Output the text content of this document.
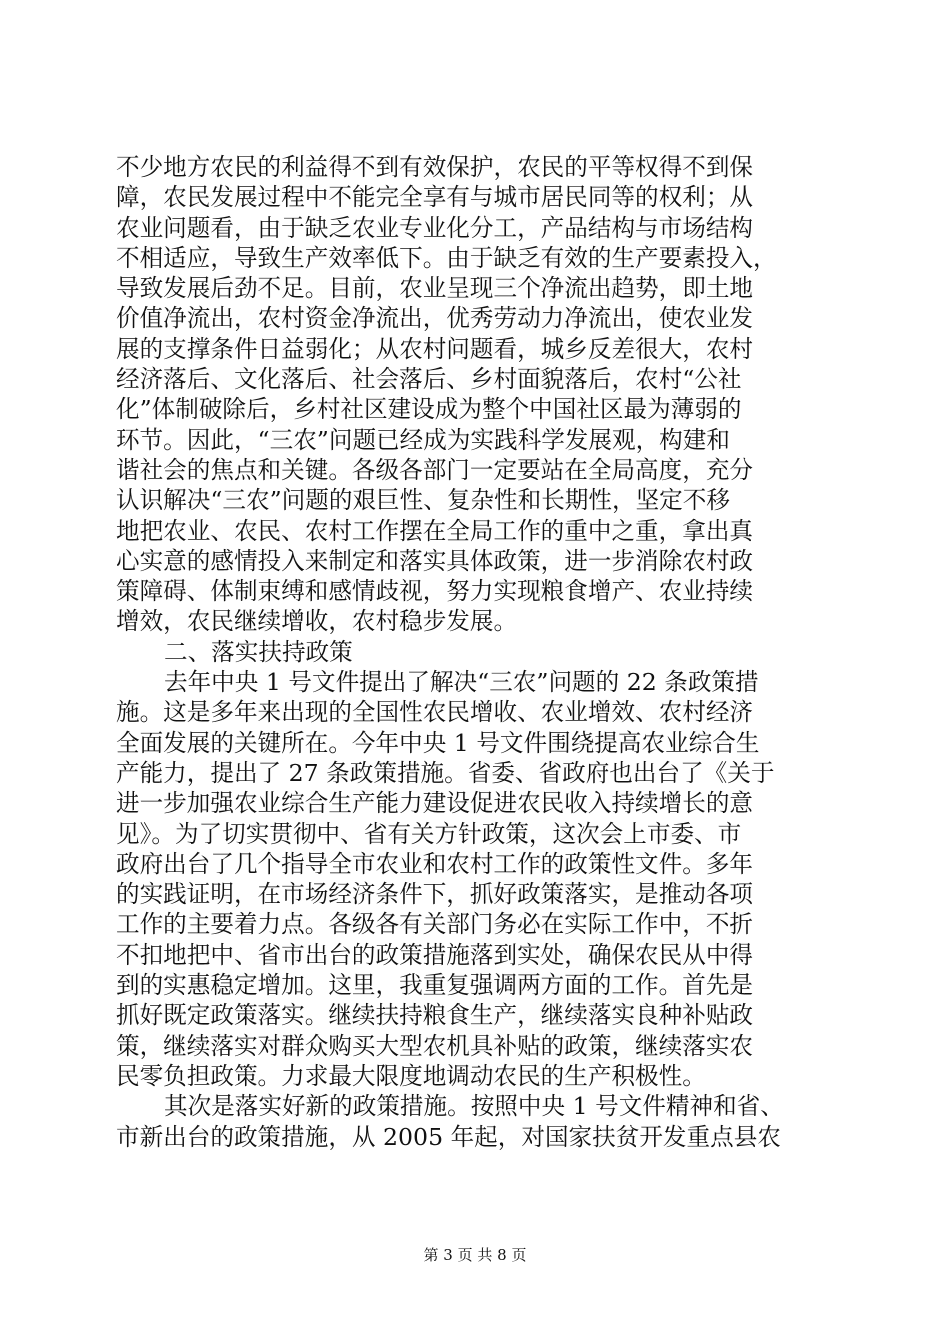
不少地方农民的利益得不到有效保护，农民的平等权得不到保
障，农民发展过程中不能完全享有与城市居民同等的权利；从
农业问题看，由于缺乏农业专业化分工，产品结构与市场结构
不相适应，导致生产效率低下。由于缺乏有效的生产要素投入，
导致发展后劲不足。目前，农业呈现三个净流出趋势，即土地
价值净流出，农村资金净流出，优秀劳动力净流出，使农业发
展的支撑条件日益弱化；从农村问题看，城乡反差很大，农村
经济落后、文化落后、社会落后、乡村面貌落后，农村“公社
化”体制破除后，乡村社区建设成为整个中国社区最为薄弱的
环节。因此，“三农”问题已经成为实践科学发展观，构建和
谐社会的焦点和关键。各级各部门一定要站在全局高度，充分
认识解决“三农”问题的艰巨性、复杂性和长期性，坚定不移
地把农业、农民、农村工作摆在全局工作的重中之重，拿出真
心实意的感情投入来制定和落实具体政策，进一步消除农村政
策障碍、体制束缚和感情歧视，努力实现粮食增产、农业持续
增效，农民继续增收，农村稳步发展。
二、落实扶持政策
去年中央 1 号文件提出了解决“三农”问题的 22 条政策措
施。这是多年来出现的全国性农民增收、农业增效、农村经济
全面发展的关键所在。今年中央 1 号文件围绕提高农业综合生
产能力，提出了 27 条政策措施。省委、省政府也出台了《关于
进一步加强农业综合生产能力建设促进农民收入持续增长的意
见》。为了切实贯彻中、省有关方针政策，这次会上市委、市
政府出台了几个指导全市农业和农村工作的政策性文件。多年
的实践证明，在市场经济条件下，抓好政策落实，是推动各项
工作的主要着力点。各级各有关部门务必在实际工作中，不折
不扣地把中、省市出台的政策措施落到实处，确保农民从中得
到的实惠稳定增加。这里，我重复强调两方面的工作。首先是
抓好既定政策落实。继续扶持粮食生产，继续落实良种补贴政
策，继续落实对群众购买大型农机具补贴的政策，继续落实农
民零负担政策。力求最大限度地调动农民的生产积极性。
其次是落实好新的政策措施。按照中央 1 号文件精神和省、
市新出台的政策措施，从 2005 年起，对国家扶贫开发重点县农
第 3 页 共 8 页
